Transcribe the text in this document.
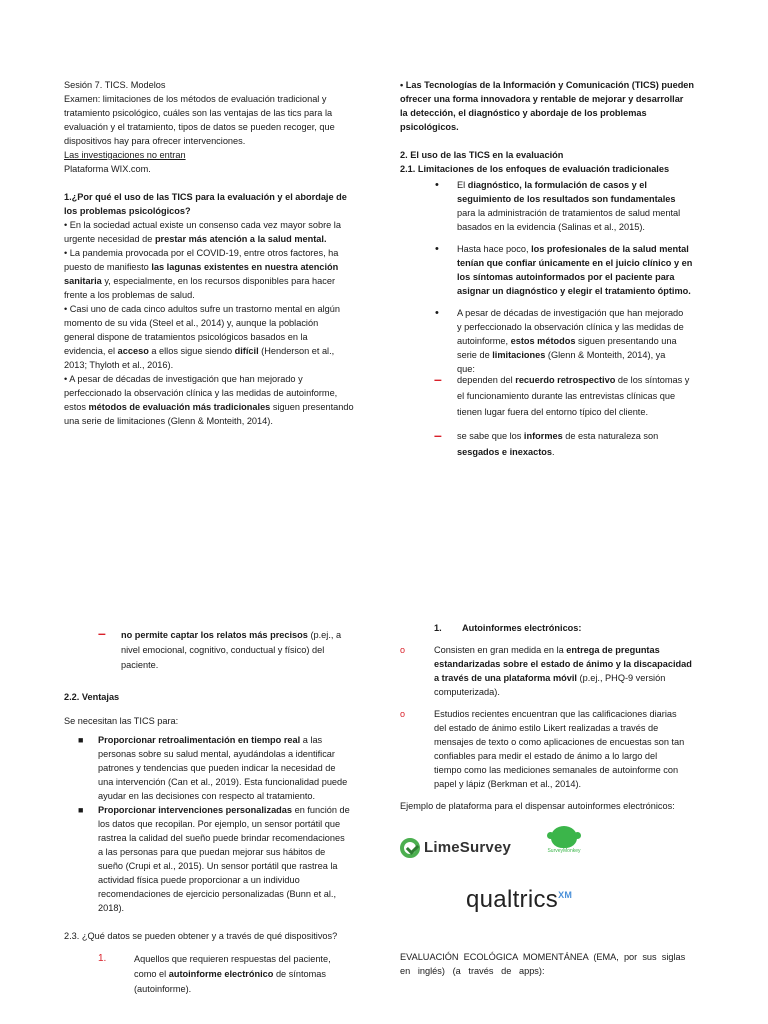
Sesión 7. TICS. Modelos

Examen: limitaciones de los métodos de evaluación tradicional y

tratamiento psicológico, cuáles son las ventajas de las tics para la

evaluación y el tratamiento, tipos de datos se pueden recoger, que

dispositivos hay para ofrecer intervenciones.

Las investigaciones no entran

Plataforma WIX.com.

1.¿Por qué el uso de las TICS para la evaluación y el abordaje de

los problemas psicológicos?

• En la sociedad actual existe un consenso cada vez mayor sobre la

urgente necesidad de prestar más atención a la salud mental.

• La pandemia provocada por el COVID-19, entre otros factores, ha

puesto de manifiesto las lagunas existentes en nuestra atención

sanitaria y, especialmente, en los recursos disponibles para hacer

frente a los problemas de salud.

• Casi uno de cada cinco adultos sufre un trastorno mental en algún

momento de su vida (Steel et al., 2014) y, aunque la población

general dispone de tratamientos psicológicos basados en la

evidencia, el acceso a ellos sigue siendo difícil (Henderson et al.,

2013; Thyloth et al., 2016).

• A pesar de décadas de investigación que han mejorado y

perfeccionado la observación clínica y las medidas de autoinforme,

estos métodos de evaluación más tradicionales siguen presentando

una serie de limitaciones (Glenn & Monteith, 2014).

• Las Tecnologías de la Información y Comunicación (TICS) pueden

ofrecer una forma innovadora y rentable de mejorar y desarrollar

la detección, el diagnóstico y abordaje de los problemas

psicológicos.

2. El uso de las TICS en la evaluación

2.1. Limitaciones de los enfoques de evaluación tradicionales

• El diagnóstico, la formulación de casos y el

seguimiento de los resultados son fundamentales

para la administración de tratamientos de salud mental

basados en la evidencia (Salinas et al., 2015).

• Hasta hace poco, los profesionales de la salud mental

tenían que confiar únicamente en el juicio clínico y en

los síntomas autoinformados por el paciente para

asignar un diagnóstico y elegir el tratamiento óptimo.

• A pesar de décadas de investigación que han mejorado

y perfeccionado la observación clínica y las medidas de

autoinforme, estos métodos siguen presentando una

serie de limitaciones (Glenn & Monteith, 2014), ya

que:

– dependen del recuerdo retrospectivo de los síntomas y

el funcionamiento durante las entrevistas clínicas que

tienen lugar fuera del entorno típico del cliente.

– se sabe que los informes de esta naturaleza son

sesgados e inexactos.

– no permite captar los relatos más precisos (p.ej., a

nivel emocional, cognitivo, conductual y físico) del

paciente.

2.2. Ventajas

Se necesitan las TICS para:

■ Proporcionar retroalimentación en tiempo real a las

personas sobre su salud mental, ayudándolas a identificar

patrones y tendencias que pueden indicar la necesidad de

una intervención (Can et al., 2019). Esta funcionalidad puede

ayudar en las decisiones con respecto al tratamiento.

■ Proporcionar intervenciones personalizadas en función de

los datos que recopilan. Por ejemplo, un sensor portátil que

rastrea la calidad del sueño puede brindar recomendaciones

a las personas para que puedan mejorar sus hábitos de

sueño (Crupi et al., 2015). Un sensor portátil que rastrea la

actividad física puede proporcionar a un individuo

recomendaciones de ejercicio personalizadas (Bunn et al.,

2018).

2.3. ¿Qué datos se pueden obtener y a través de qué dispositivos?

1.	Aquellos que requieren respuestas del paciente,

como el autoinforme electrónico de síntomas

(autoinforme).

1. Autoinformes electrónicos:
o	Consisten en gran medida en la entrega de preguntas

estandarizadas sobre el estado de ánimo y la discapacidad

a través de una plataforma móvil (p.ej., PHQ-9 versión

computerizada).

o	Estudios recientes encuentran que las calificaciones diarias

del estado de ánimo estilo Likert realizadas a través de

mensajes de texto o como aplicaciones de encuestas son tan

confiables para medir el estado de ánimo a lo largo del

tiempo como las mediciones semanales de autoinforme con

papel y lápiz (Berkman et al., 2014).

Ejemplo de plataforma para el dispensar autoinformes electrónicos:

LimeSurvey	SurveyMonkey
qualtrics$^{XM}$

EVALUACIÓN  ECOLÓGICA  MOMENTÁNEA  (EMA,  por  sus  siglas

en   inglés)   (a   través   de   apps):
